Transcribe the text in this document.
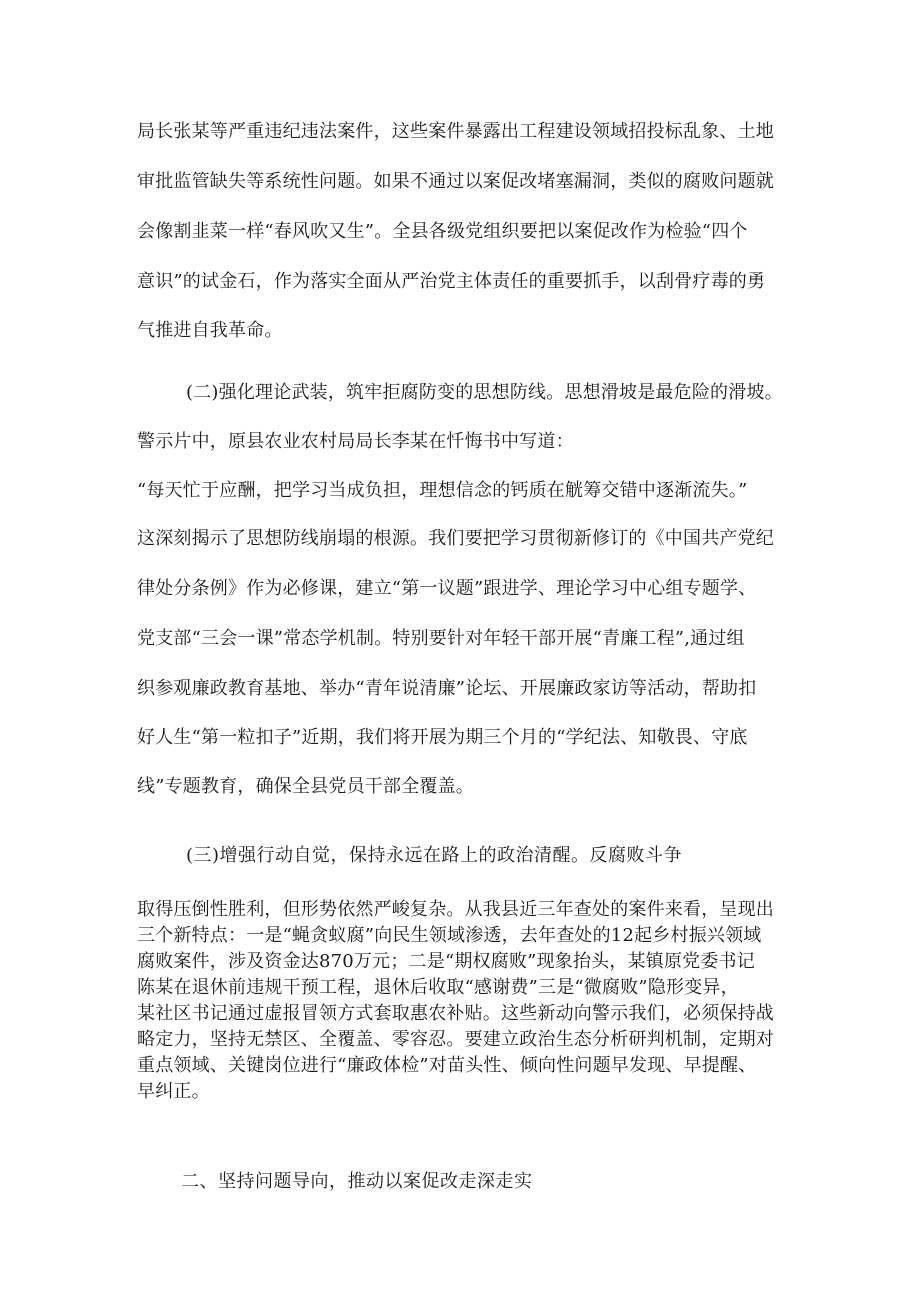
局长张某等严重违纪违法案件，这些案件暴露出工程建设领域招投标乱象、土地
审批监管缺失等系统性问题。如果不通过以案促改堵塞漏洞，类似的腐败问题就
会像割韭菜一样“春风吹又生”。全县各级党组织要把以案促改作为检验“四个
意识”的试金石，作为落实全面从严治党主体责任的重要抓手，以刮骨疗毒的勇
气推进自我革命。
(二)强化理论武装，筑牢拒腐防变的思想防线。思想滑坡是最危险的滑坡。
警示片中，原县农业农村局局长李某在忏悔书中写道：
“每天忙于应酬，把学习当成负担，理想信念的钙质在觥筹交错中逐渐流失。”
这深刻揭示了思想防线崩塌的根源。我们要把学习贯彻新修订的《中国共产党纪
律处分条例》作为必修课，建立“第一议题”跟进学、理论学习中心组专题学、
党支部“三会一课”常态学机制。特别要针对年轻干部开展“青廉工程”,通过组
织参观廉政教育基地、举办“青年说清廉”论坛、开展廉政家访等活动，帮助扣
好人生“第一粒扣子”近期，我们将开展为期三个月的“学纪法、知敬畏、守底
线”专题教育，确保全县党员干部全覆盖。
(三)增强行动自觉，保持永远在路上的政治清醒。反腐败斗争
取得压倒性胜利，但形势依然严峻复杂。从我县近三年查处的案件来看，呈现出
三个新特点：一是“蝇贪蚁腐”向民生领域渗透，去年查处的12起乡村振兴领域
腐败案件，涉及资金达870万元；二是“期权腐败”现象抬头，某镇原党委书记
陈某在退休前违规干预工程，退休后收取“感谢费”三是“微腐败”隐形变异，
某社区书记通过虚报冒领方式套取惠农补贴。这些新动向警示我们，必须保持战
略定力，坚持无禁区、全覆盖、零容忍。要建立政治生态分析研判机制，定期对
重点领域、关键岗位进行“廉政体检”对苗头性、倾向性问题早发现、早提醒、
早纠正。
二、坚持问题导向，推动以案促改走深走实
